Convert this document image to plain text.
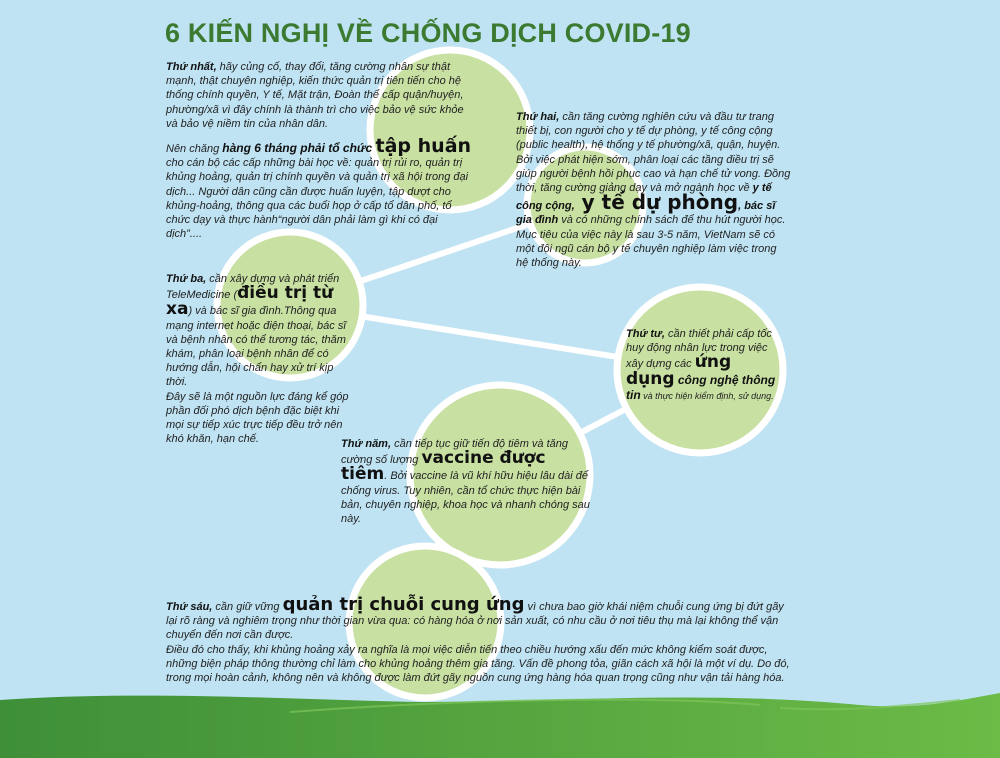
6 KIẾN NGHỊ VỀ CHỐNG DỊCH COVID-19

Thứ nhất, hãy củng cố, thay đổi, tăng cường nhân sự thật mạnh, thật chuyên nghiệp, kiến thức quản trị tiên tiến cho hệ thống chính quyền, Y tế, Mặt trận, Đoàn thể cấp quận/huyện, phường/xã vì đây chính là thành trì cho việc bảo vệ sức khỏe và bảo vệ niềm tin của nhân dân.

Nên chăng hàng 6 tháng phải tổ chức tập huấn cho cán bộ các cấp những bài học về: quản trị rủi ro, quản trị khủng hoảng, quản trị chính quyền và quản trị xã hội trong đại dịch... Người dân cũng cần được huấn luyện, tập dượt cho khủng-hoảng, thông qua các buổi họp ở cấp tổ dân phố, tổ chức dạy và thực hành“người dân phải làm gì khi có đại dịch”....

Thứ hai, cần tăng cường nghiên cứu và đầu tư trang thiết bị, con người cho y tế dự phòng, y tế công cộng (public health), hệ thống y tế phường/xã, quận, huyện. Bởi việc phát hiện sớm, phân loại các tầng điều trị sẽ giúp người bệnh hồi phục cao và hạn chế tử vong. Đồng thời, tăng cường giảng dạy và mở ngành học về y tế công cộng, y tế dự phòng, bác sĩ gia đình và có những chính sách để thu hút người học. Mục tiêu của việc này là sau 3-5 năm, VietNam sẽ có một đội ngũ cán bộ y tế chuyên nghiệp làm việc trong hệ thống này.

Thứ ba, cần xây dựng và phát triển TeleMedicine (điều trị từ xa) và bác sĩ gia đình.Thông qua mạng internet hoặc điện thoại, bác sĩ và bệnh nhân có thể tương tác, thăm khám, phân loại bệnh nhân để có hướng dẫn, hội chẩn hay xử trí kịp thời.

Đây sẽ là một nguồn lực đáng kể góp phần đối phó dịch bệnh đặc biệt khi mọi sự tiếp xúc trực tiếp đều trở nên khó khăn, hạn chế.

Thứ tư, cần thiết phải cấp tốc huy động nhân lực trong việc xây dựng các ứng dụng công nghệ thông tin và thực hiện kiểm định, sử dụng.

Thứ năm, cần tiếp tục giữ tiến độ tiêm và tăng cường số lượng vaccine được tiêm. Bởi vaccine là vũ khí hữu hiệu lâu dài để chống virus. Tuy nhiên, cần tổ chức thực hiện bài bản, chuyên nghiệp, khoa học và nhanh chóng sau này.

Thứ sáu, cần giữ vững quản trị chuỗi cung ứng vì chưa bao giờ khái niệm chuỗi cung ứng bị đứt gãy lại rõ ràng và nghiêm trọng như thời gian vừa qua: có hàng hóa ở nơi sản xuất, có nhu cầu ở nơi tiêu thụ mà lại không thể vận chuyển đến nơi cần được.

Điều đó cho thấy, khi khủng hoảng xảy ra nghĩa là mọi việc diễn tiến theo chiều hướng xấu đến mức không kiểm soát được, những biện pháp thông thường chỉ làm cho khủng hoảng thêm gia tăng. Vấn đề phong tỏa, giãn cách xã hội là một ví dụ. Do đó, trong mọi hoàn cảnh, không nên và không được làm đứt gãy nguồn cung ứng hàng hóa quan trọng cũng như vận tải hàng hóa.
